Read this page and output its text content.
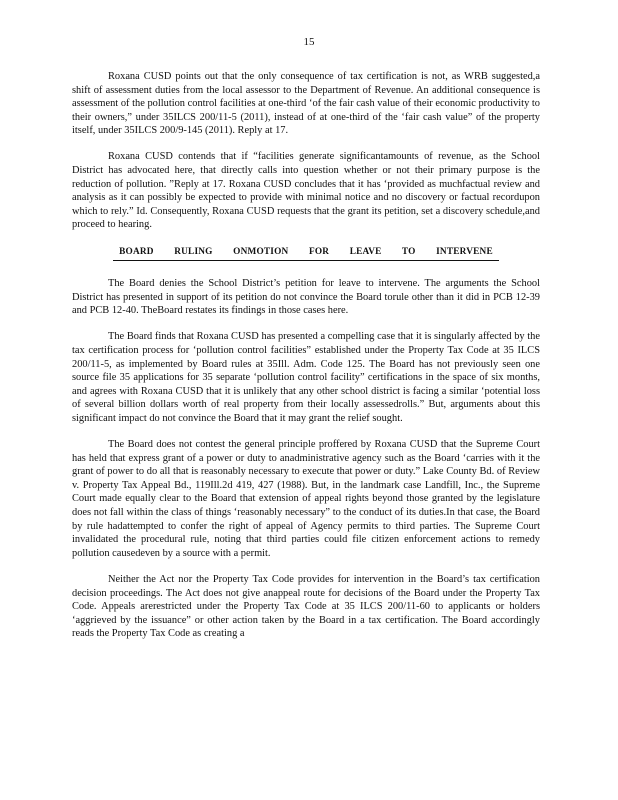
15

Roxana CUSD points out that the only consequence of tax certification is not, as WRB suggested,a shift of assessment duties from the local assessor to the Department of Revenue. An additional consequence is assessment of the pollution control facilities at one-third ‘of the fair cash value of their economic productivity to their owners,” under 35ILCS 200/11-5 (2011), instead of at one-third of the ‘fair cash value” of the property itself, under 35ILCS 200/9-145 (2011). Reply at 17.

Roxana CUSD contends that if “facilities generate significantamounts of revenue, as the School District has advocated here, that directly calls into question whether or not their primary purpose is the reduction of pollution. ”Reply at 17. Roxana CUSD concludes that it has ‘provided as muchfactual review and analysis as it can possibly be expected to provide with minimal notice and no discovery or factual recordupon which to rely.” Id. Consequently, Roxana CUSD requests that the grant its petition, set a discovery schedule,and proceed to hearing.

BOARD RULING ONMOTION FOR LEAVE TO INTERVENE

The Board denies the School District’s petition for leave to intervene. The arguments the School District has presented in support of its petition do not convince the Board torule other than it did in PCB 12-39 and PCB 12-40. TheBoard restates its findings in those cases here.

The Board finds that Roxana CUSD has presented a compelling case that it is singularly affected by the tax certification process for ‘pollution control facilities” established under the Property Tax Code at 35 ILCS 200/11-5, as implemented by Board rules at 35Ill. Adm. Code 125. The Board has not previously seen one source file 35 applications for 35 separate ‘pollution control facility” certifications in the space of six months, and agrees with Roxana CUSD that it is unlikely that any other school district is facing a similar ‘potential loss of several billion dollars worth of real property from their locally assessedrolls.” But, arguments about this significant impact do not convince the Board that it may grant the relief sought.

The Board does not contest the general principle proffered by Roxana CUSD that the Supreme Court has held that express grant of a power or duty to anadministrative agency such as the Board ‘carries with it the grant of power to do all that is reasonably necessary to execute that power or duty.” Lake County Bd. of Review v. Property Tax Appeal Bd., 119Ill.2d 419, 427 (1988). But, in the landmark case Landfill, Inc., the Supreme Court made equally clear to the Board that extension of appeal rights beyond those granted by the legislature does not fall within the class of things ‘reasonably necessary” to the conduct of its duties.In that case, the Board by rule hadattempted to confer the right of appeal of Agency permits to third parties. The Supreme Court invalidated the procedural rule, noting that third parties could file citizen enforcement actions to remedy pollution causedeven by a source with a permit.

Neither the Act nor the Property Tax Code provides for intervention in the Board’s tax certification decision proceedings. The Act does not give anappeal route for decisions of the Board under the Property Tax Code. Appeals arerestricted under the Property Tax Code at 35 ILCS 200/11-60 to applicants or holders ‘aggrieved by the issuance” or other action taken by the Board in a tax certification. The Board accordingly reads the Property Tax Code as creating a
